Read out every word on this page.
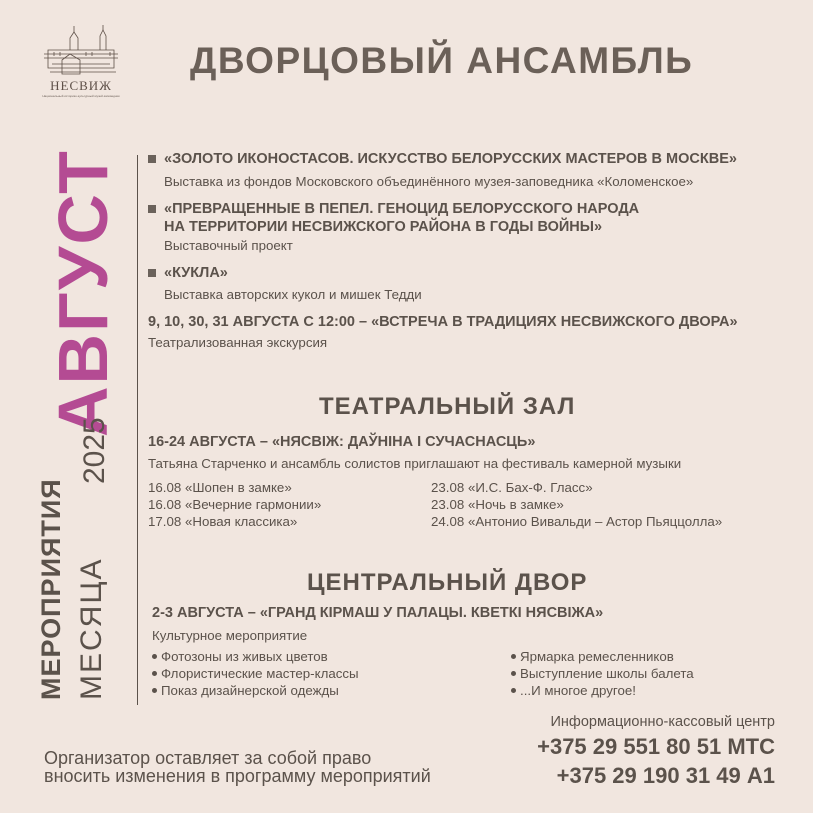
НЕСВИЖ
Национальный историко-культурный музей-заповедник
ДВОРЦОВЫЙ АНСАМБЛЬ
АВГУСТ
МЕРОПРИЯТИЯ МЕСЯЦА
2025
«ЗОЛОТО ИКОНОСТАСОВ. ИСКУССТВО БЕЛОРУССКИХ МАСТЕРОВ В МОСКВЕ»
Выставка из фондов Московского объединённого музея-заповедника «Коломенское»
«ПРЕВРАЩЕННЫЕ В ПЕПЕЛ. ГЕНОЦИД БЕЛОРУССКОГО НАРОДА
НА ТЕРРИТОРИИ НЕСВИЖСКОГО РАЙОНА В ГОДЫ ВОЙНЫ»
Выставочный проект
«КУКЛА»
Выставка авторских кукол и мишек Тедди
9, 10, 30, 31 АВГУСТА С 12:00 – «ВСТРЕЧА В ТРАДИЦИЯХ НЕСВИЖСКОГО ДВОРА»
Театрализованная экскурсия
ТЕАТРАЛЬНЫЙ ЗАЛ
16-24 АВГУСТА – «НЯСВІЖ: ДАЎНІНА І СУЧАСНАСЦЬ»
Татьяна Старченко и ансамбль солистов приглашают на фестиваль камерной музыки
16.08 «Шопен в замке»
16.08 «Вечерние гармонии»
17.08 «Новая классика»
23.08 «И.С. Бах-Ф. Гласс»
23.08 «Ночь в замке»
24.08 «Антонио Вивальди – Астор Пьяццолла»
ЦЕНТРАЛЬНЫЙ ДВОР
2-3 АВГУСТА – «ГРАНД КІРМАШ У ПАЛАЦЫ. КВЕТКІ НЯСВІЖА»
Культурное мероприятие
Фотозоны из живых цветов
Флористические мастер-классы
Показ дизайнерской одежды
Ярмарка ремесленников
Выступление школы балета
...И многое другое!
Организатор оставляет за собой право
вносить изменения в программу мероприятий
Информационно-кассовый центр
+375 29 551 80 51 МТС
+375 29 190 31 49 А1
